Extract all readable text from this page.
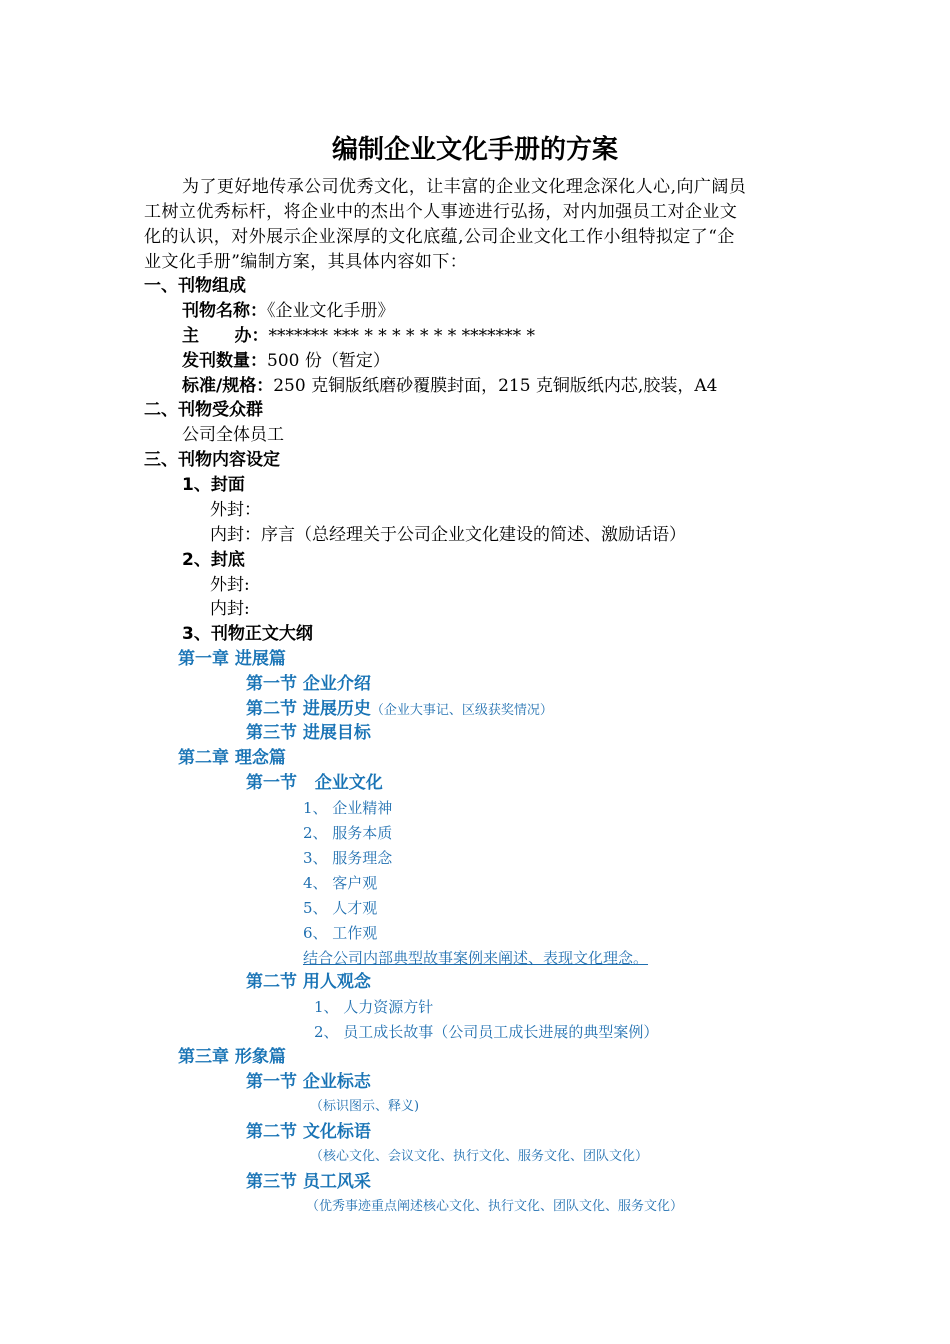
编制企业文化手册的方案
为了更好地传承公司优秀文化，让丰富的企业文化理念深化人心,向广阔员
工树立优秀标杆，将企业中的杰出个人事迹进行弘扬，对内加强员工对企业文
化的认识，对外展示企业深厚的文化底蕴,公司企业文化工作小组特拟定了“企
业文化手册”编制方案，其具体内容如下：
一、刊物组成
刊物名称：《企业文化手册》
主      办：******* *** * * * * * * * ******* *
发刊数量：500 份（暂定）
标准/规格：250 克铜版纸磨砂覆膜封面，215 克铜版纸内芯,胶装，A4
二、刊物受众群
公司全体员工
三、刊物内容设定
1、封面
外封：
内封：序言（总经理关于公司企业文化建设的简述、激励话语）
2、封底
外封:
内封:
3、刊物正文大纲
第一章 进展篇
第一节 企业介绍
第二节 进展历史（企业大事记、区级获奖情况）
第三节 进展目标
第二章 理念篇
第一节   企业文化
1、 企业精神
2、 服务本质
3、 服务理念
4、 客户观
5、 人才观
6、 工作观
结合公司内部典型故事案例来阐述、表现文化理念。
第二节 用人观念
1、 人力资源方针
2、 员工成长故事（公司员工成长进展的典型案例）
第三章 形象篇
第一节 企业标志
（标识图示、释义)
第二节 文化标语
（核心文化、会议文化、执行文化、服务文化、团队文化）
第三节 员工风采
（优秀事迹重点阐述核心文化、执行文化、团队文化、服务文化）
